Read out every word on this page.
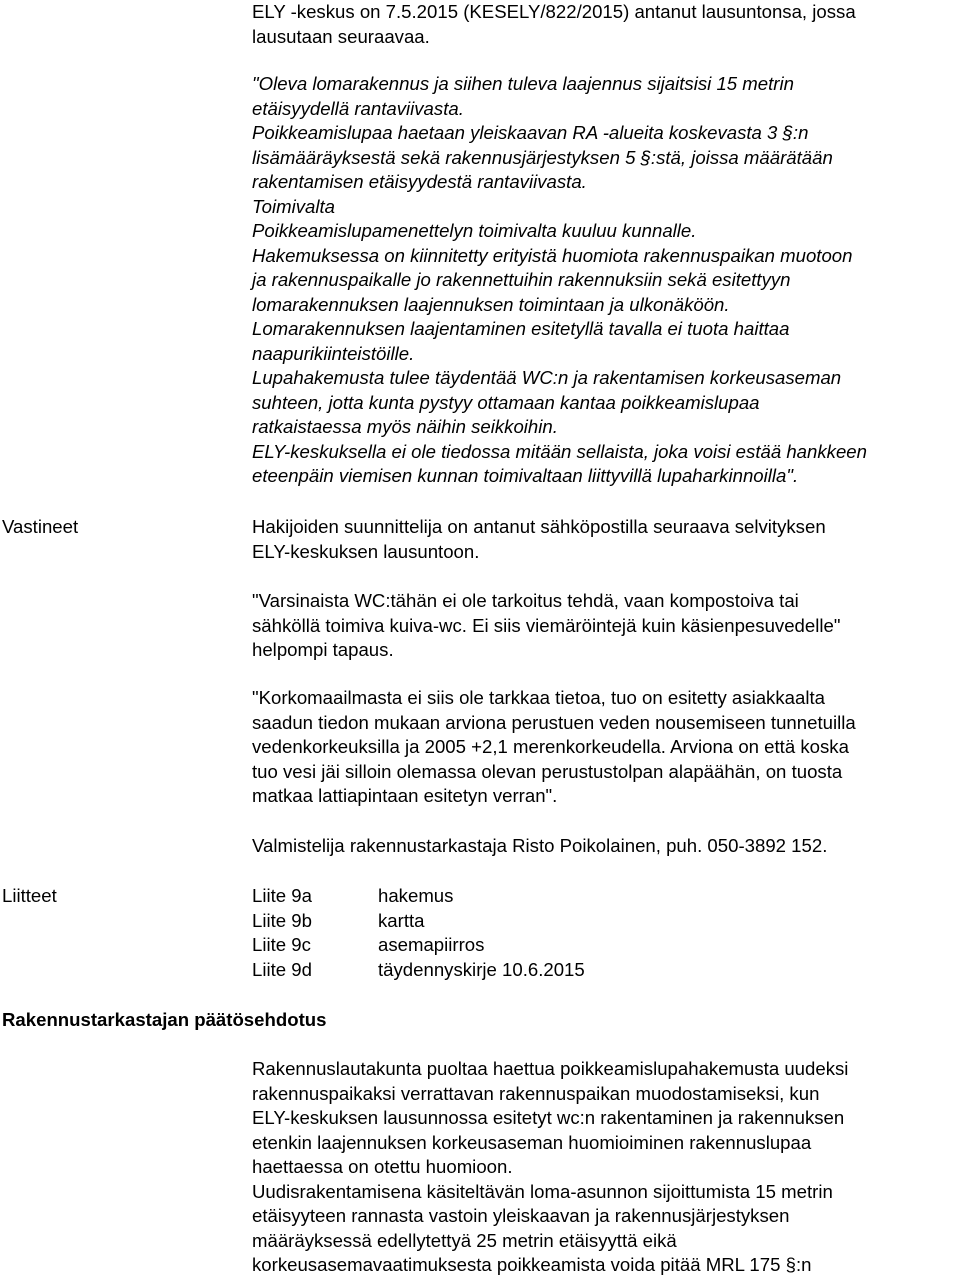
ELY -keskus on 7.5.2015 (KESELY/822/2015) antanut lausuntonsa, jossa
lausutaan seuraavaa.
"Oleva lomarakennus ja siihen tuleva laajennus sijaitsisi 15 metrin
etäisyydellä rantaviivasta.
Poikkeamislupaa haetaan yleiskaavan RA -alueita koskevasta 3 §:n
lisämääräyksestä sekä rakennusjärjestyksen 5 §:stä, joissa määrätään
rakentamisen etäisyydestä rantaviivasta.
Toimivalta
Poikkeamislupamenettelyn toimivalta kuuluu kunnalle.
Hakemuksessa on kiinnitetty erityistä huomiota rakennuspaikan muotoon
ja rakennuspaikalle jo rakennettuihin rakennuksiin sekä esitettyyn
lomarakennuksen laajennuksen toimintaan ja ulkonäköön.
Lomarakennuksen laajentaminen esitetyllä tavalla ei tuota haittaa
naapurikiinteistöille.
Lupahakemusta tulee täydentää WC:n ja rakentamisen korkeusaseman
suhteen, jotta kunta pystyy ottamaan kantaa poikkeamislupaa
ratkaistaessa myös näihin seikkoihin.
ELY-keskuksella ei ole tiedossa mitään sellaista, joka voisi estää hankkeen
eteenpäin viemisen kunnan toimivaltaan liittyvillä lupaharkinnoilla".
Vastineet	Hakijoiden suunnittelija on antanut sähköpostilla seuraava selvityksen
ELY-keskuksen lausuntoon.
"Varsinaista WC:tähän ei ole tarkoitus tehdä, vaan kompostoiva tai
sähköllä toimiva kuiva-wc. Ei siis viemäröintejä kuin käsienpesuvedelle"
helpompi tapaus.
"Korkomaailmasta ei siis ole tarkkaa tietoa, tuo on esitetty asiakkaalta
saadun tiedon mukaan arviona perustuen veden nousemiseen tunnetuilla
vedenkorkeuksilla ja 2005 +2,1 merenkorkeudella. Arviona on että koska
tuo vesi jäi silloin olemassa olevan perustustolpan alapäähän, on tuosta
matkaa lattiapintaan esitetyn verran".
Valmistelija rakennustarkastaja Risto Poikolainen, puh. 050-3892 152.
Liitteet	Liite 9a	hakemus
Liite 9b	kartta
Liite 9c	asemapiirros
Liite 9d	täydennyskirje 10.6.2015
Rakennustarkastajan päätösehdotus
Rakennuslautakunta puoltaa haettua poikkeamislupahakemusta uudeksi
rakennuspaikaksi verrattavan rakennuspaikan muodostamiseksi, kun
ELY-keskuksen lausunnossa esitetyt wc:n rakentaminen ja rakennuksen
etenkin laajennuksen korkeusaseman huomioiminen rakennuslupaa
haettaessa on otettu huomioon.
Uudisrakentamisena käsiteltävän loma-asunnon sijoittumista 15 metrin
etäisyyteen rannasta vastoin yleiskaavan ja rakennusjärjestyksen
määräyksessä edellytettyä 25 metrin etäisyyttä eikä
korkeusasemavaatimuksesta poikkeamista voida pitää MRL 175 §:n
